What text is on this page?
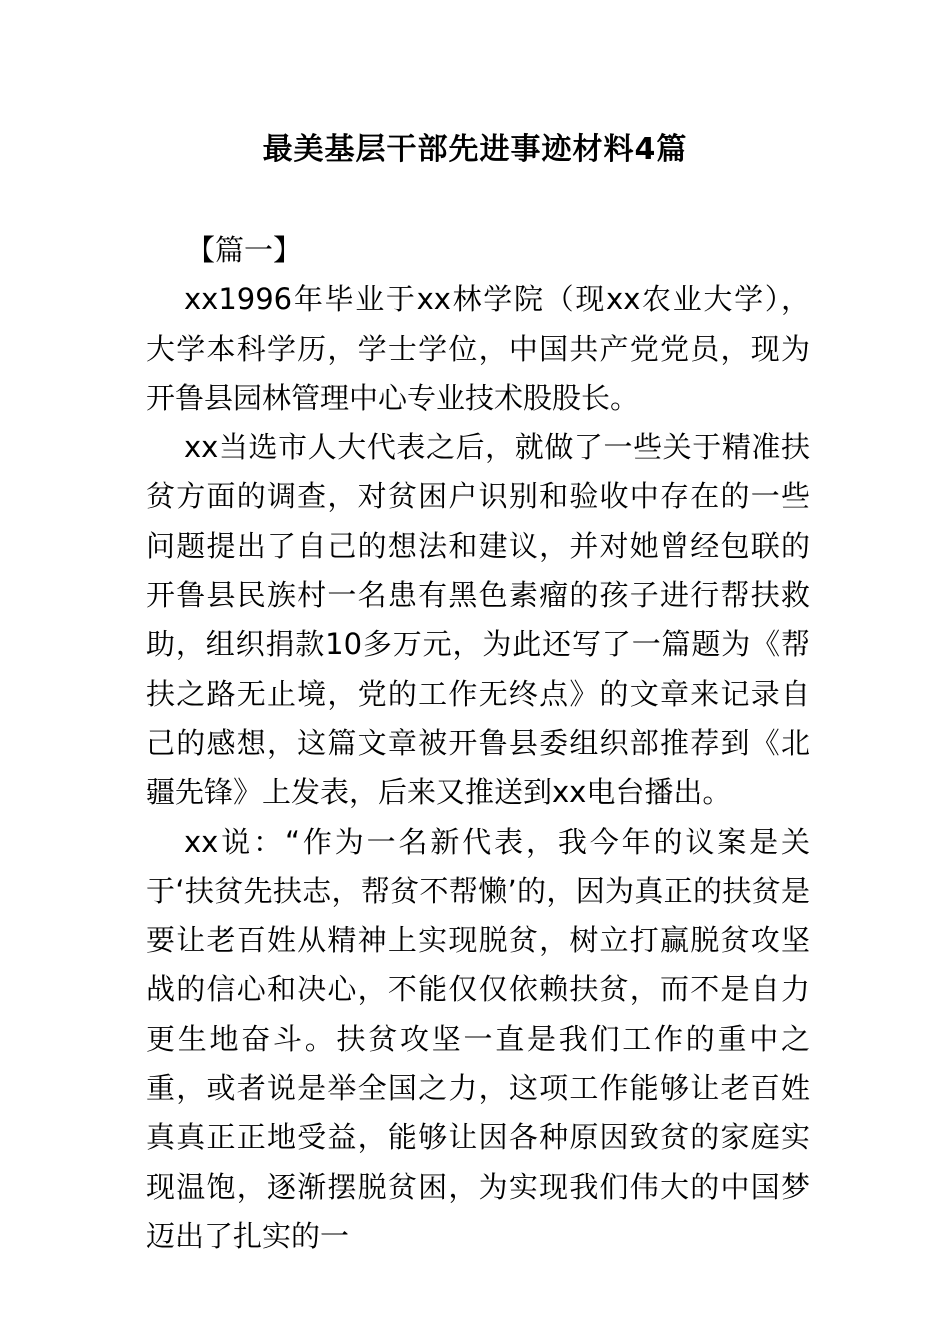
最美基层干部先进事迹材料4篇

【篇一】

xx1996年毕业于xx林学院（现xx农业大学），大学本科学历，学士学位，中国共产党党员，现为开鲁县园林管理中心专业技术股股长。

xx当选市人大代表之后，就做了一些关于精准扶贫方面的调查，对贫困户识别和验收中存在的一些问题提出了自己的想法和建议，并对她曾经包联的开鲁县民族村一名患有黑色素瘤的孩子进行帮扶救助，组织捐款10多万元，为此还写了一篇题为《帮扶之路无止境，党的工作无终点》的文章来记录自己的感想，这篇文章被开鲁县委组织部推荐到《北疆先锋》上发表，后来又推送到xx电台播出。

xx说：“作为一名新代表，我今年的议案是关于‘扶贫先扶志，帮贫不帮懒’的，因为真正的扶贫是要让老百姓从精神上实现脱贫，树立打赢脱贫攻坚战的信心和决心，不能仅仅依赖扶贫，而不是自力更生地奋斗。扶贫攻坚一直是我们工作的重中之重，或者说是举全国之力，这项工作能够让老百姓真真正正地受益，能够让因各种原因致贫的家庭实现温饱，逐渐摆脱贫困，为实现我们伟大的中国梦迈出了扎实的一
